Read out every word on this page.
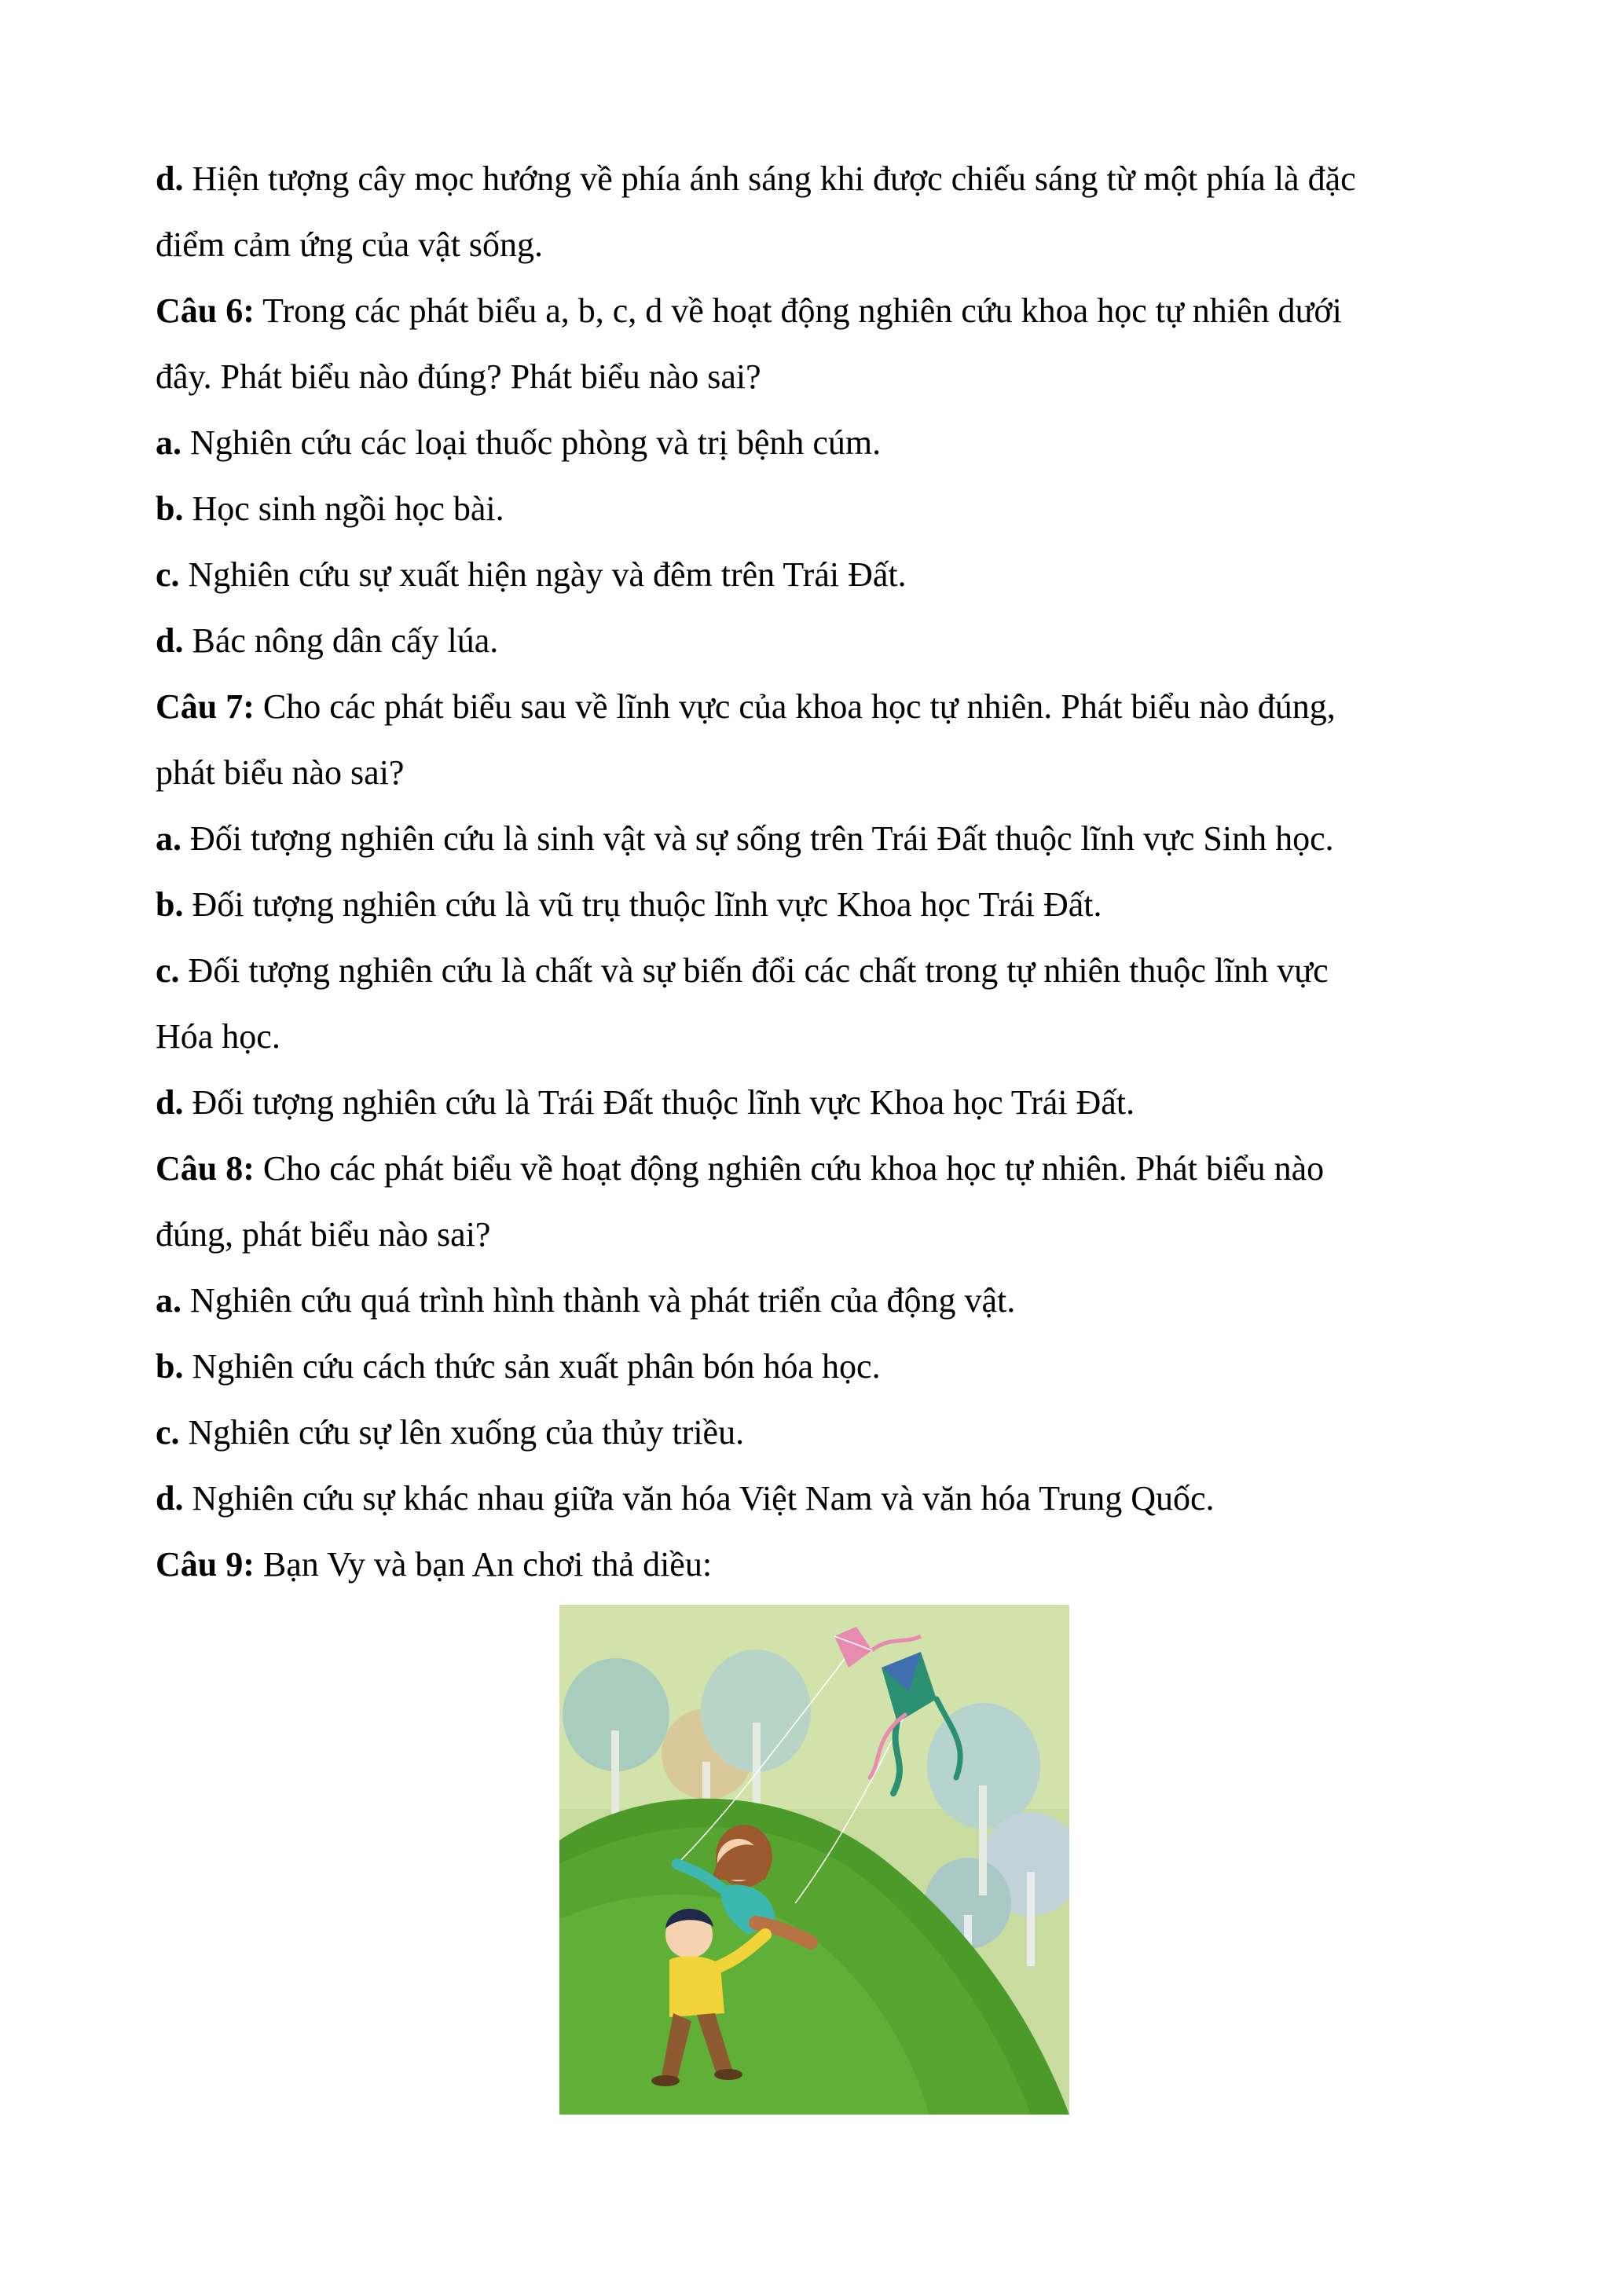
d. Hiện tượng cây mọc hướng về phía ánh sáng khi được chiếu sáng từ một phía là đặc
điểm cảm ứng của vật sống.
Câu 6: Trong các phát biểu a, b, c, d về hoạt động nghiên cứu khoa học tự nhiên dưới
đây. Phát biểu nào đúng? Phát biểu nào sai?
a. Nghiên cứu các loại thuốc phòng và trị bệnh cúm.
b. Học sinh ngồi học bài.
c. Nghiên cứu sự xuất hiện ngày và đêm trên Trái Đất.
d. Bác nông dân cấy lúa.
Câu 7: Cho các phát biểu sau về lĩnh vực của khoa học tự nhiên. Phát biểu nào đúng,
phát biểu nào sai?
a. Đối tượng nghiên cứu là sinh vật và sự sống trên Trái Đất thuộc lĩnh vực Sinh học.
b. Đối tượng nghiên cứu là vũ trụ thuộc lĩnh vực Khoa học Trái Đất.
c. Đối tượng nghiên cứu là chất và sự biến đổi các chất trong tự nhiên thuộc lĩnh vực
Hóa học.
d. Đối tượng nghiên cứu là Trái Đất thuộc lĩnh vực Khoa học Trái Đất.
Câu 8: Cho các phát biểu về hoạt động nghiên cứu khoa học tự nhiên. Phát biểu nào
đúng, phát biểu nào sai?
a. Nghiên cứu quá trình hình thành và phát triển của động vật.
b. Nghiên cứu cách thức sản xuất phân bón hóa học.
c. Nghiên cứu sự lên xuống của thủy triều.
d. Nghiên cứu sự khác nhau giữa văn hóa Việt Nam và văn hóa Trung Quốc.
Câu 9: Bạn Vy và bạn An chơi thả diều:
